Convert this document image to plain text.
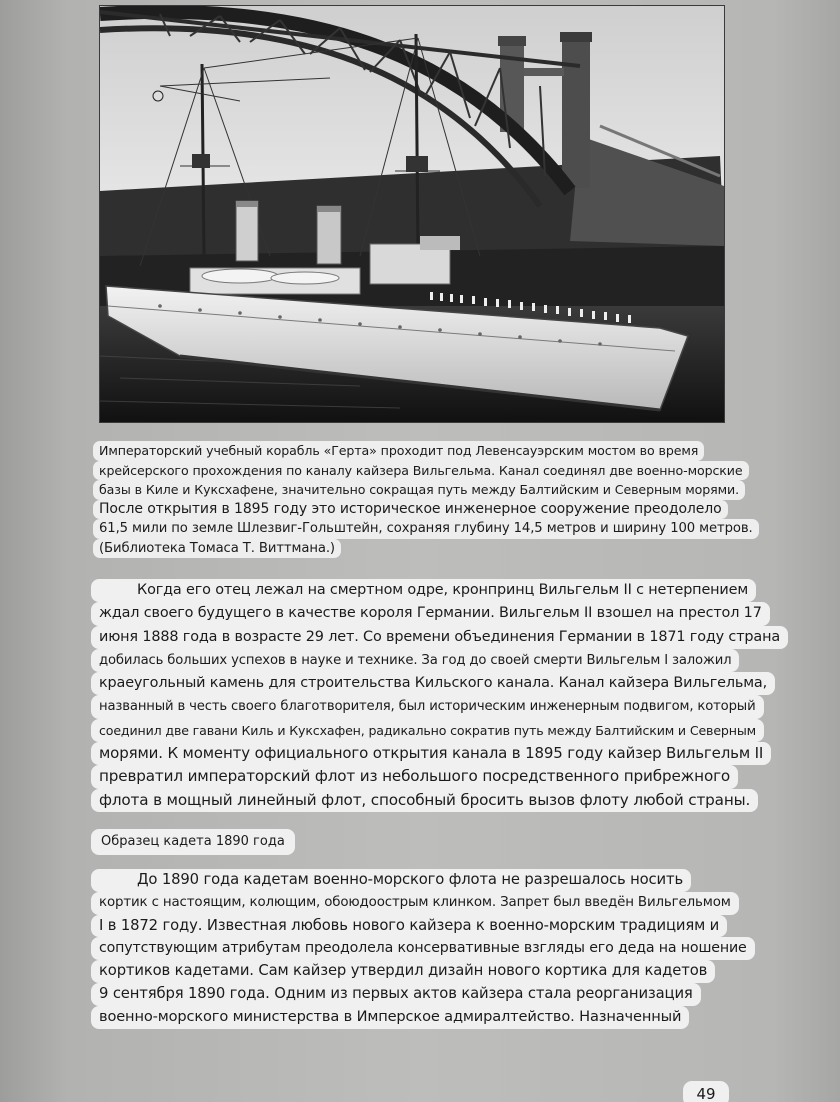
Императорский учебный корабль «Герта» проходит под Левенсауэрским мостом во время
крейсерского прохождения по каналу кайзера Вильгельма. Канал соединял две военно-морские
базы в Киле и Куксхафене, значительно сокращая путь между Балтийским и Северным морями.
После открытия в 1895 году это историческое инженерное сооружение преодолело
61,5 мили по земле Шлезвиг-Гольштейн, сохраняя глубину 14,5 метров и ширину 100 метров.
(Библиотека Томаса Т. Виттмана.)
Когда его отец лежал на смертном одре, кронпринц Вильгельм II с нетерпением
ждал своего будущего в качестве короля Германии. Вильгельм II взошел на престол 17
июня 1888 года в возрасте 29 лет. Со времени объединения Германии в 1871 году страна
добилась больших успехов в науке и технике. За год до своей смерти Вильгельм I заложил
краеугольный камень для строительства Кильского канала. Канал кайзера Вильгельма,
названный в честь своего благотворителя, был историческим инженерным подвигом, который
соединил две гавани Киль и Куксхафен, радикально сократив путь между Балтийским и Северным
морями. К моменту официального открытия канала в 1895 году кайзер Вильгельм II
превратил императорский флот из небольшого посредственного прибрежного
флота в мощный линейный флот, способный бросить вызов флоту любой страны.
Образец кадета 1890 года
До 1890 года кадетам военно-морского флота не разрешалось носить
кортик с настоящим, колющим, обоюдоострым клинком. Запрет был введён Вильгельмом
I в 1872 году. Известная любовь нового кайзера к военно-морским традициям и
сопутствующим атрибутам преодолела консервативные взгляды его деда на ношение
кортиков кадетами. Сам кайзер утвердил дизайн нового кортика для кадетов
9 сентября 1890 года. Одним из первых актов кайзера стала реорганизация
военно-морского министерства в Имперское адмиралтейство. Назначенный
49
